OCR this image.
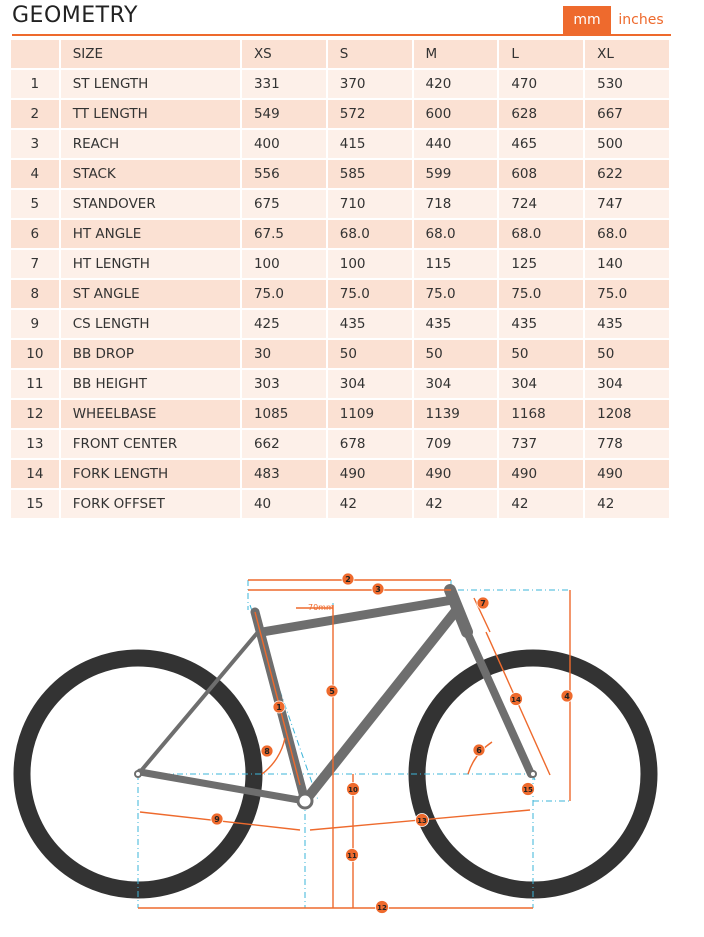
GEOMETRY	mm	inches
	SIZE	XS	S	M	L	XL
1	ST LENGTH	331	370	420	470	530
2	TT LENGTH	549	572	600	628	667
3	REACH	400	415	440	465	500
4	STACK	556	585	599	608	622
5	STANDOVER	675	710	718	724	747
6	HT ANGLE	67.5	68.0	68.0	68.0	68.0
7	HT LENGTH	100	100	115	125	140
8	ST ANGLE	75.0	75.0	75.0	75.0	75.0
9	CS LENGTH	425	435	435	435	435
10	BB DROP	30	50	50	50	50
11	BB HEIGHT	303	304	304	304	304
12	WHEELBASE	1085	1109	1139	1168	1208
13	FRONT CENTER	662	678	709	737	778
14	FORK LENGTH	483	490	490	490	490
15	FORK OFFSET	40	42	42	42	42
70mm
1
2
3
4
5
6
7
8
9
10
11
12
13
14
15
